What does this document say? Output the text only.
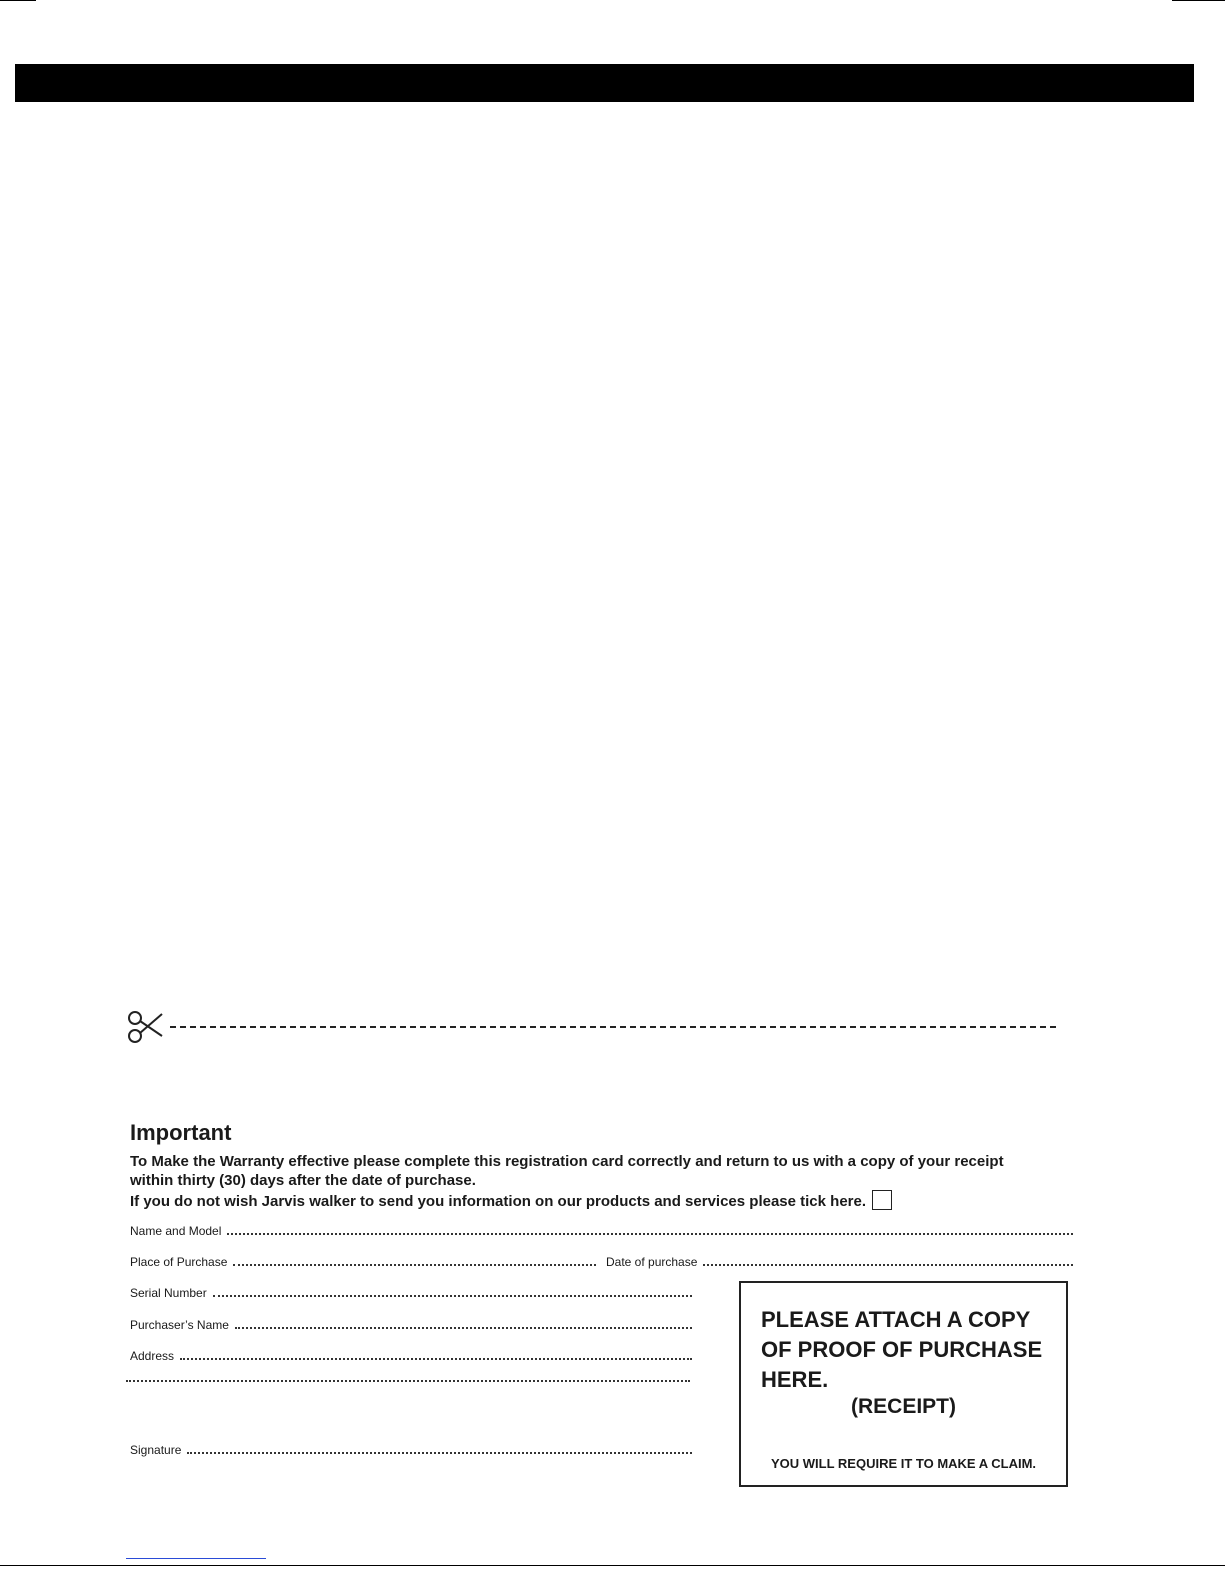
Important

To Make the Warranty effective please complete this registration card correctly and return to us with a copy of your receipt

within thirty (30) days after the date of purchase.

If you do not wish Jarvis walker to send you information on our products and services please tick here.

Name and Model
Place of Purchase	Date of purchase
Serial Number
Purchaser’s Name
Address
Signature
PLEASE ATTACH A COPY
OF PROOF OF PURCHASE
HERE.
(RECEIPT)
YOU WILL REQUIRE IT TO MAKE A CLAIM.
